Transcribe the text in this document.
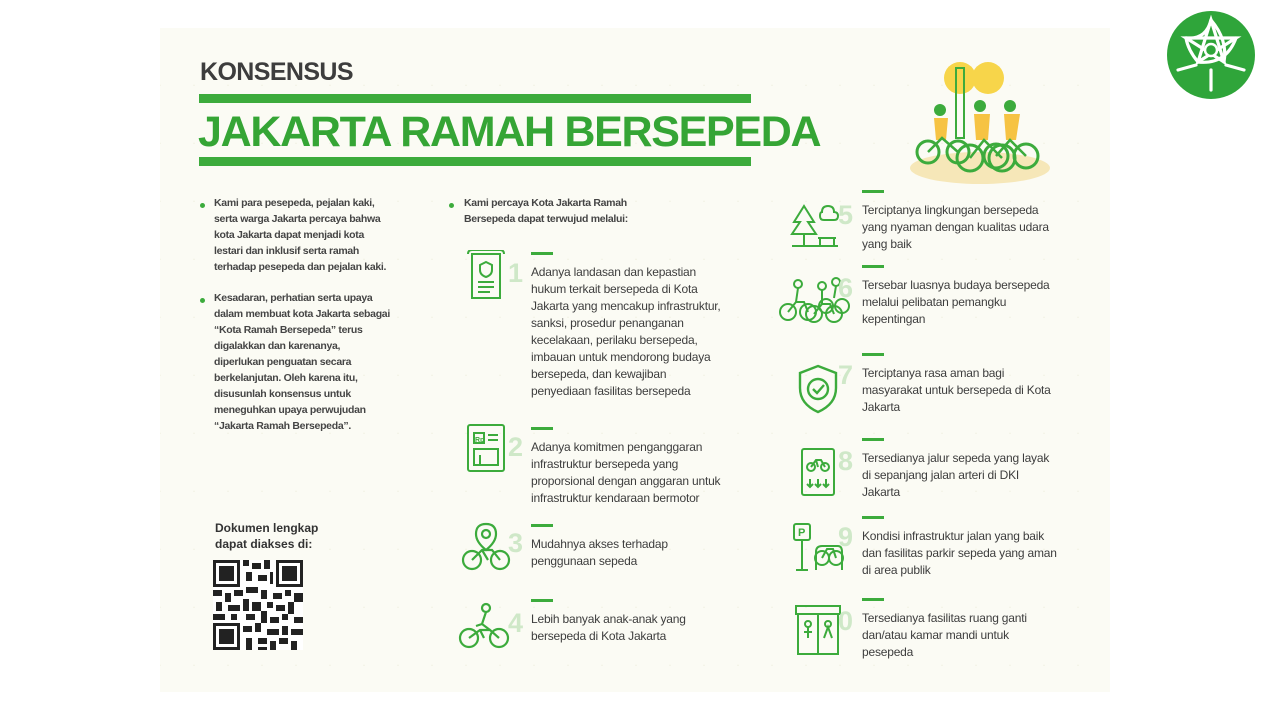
KONSENSUS
JAKARTA RAMAH BERSEPEDA
Kami para pesepeda, pejalan kaki,
serta warga Jakarta percaya bahwa
kota Jakarta dapat menjadi kota
lestari dan inklusif serta ramah
terhadap pesepeda dan pejalan kaki.
Kesadaran, perhatian serta upaya
dalam membuat kota Jakarta sebagai
“Kota Ramah Bersepeda” terus
digalakkan dan karenanya,
diperlukan penguatan secara
berkelanjutan. Oleh karena itu,
disusunlah konsensus untuk
meneguhkan upaya perwujudan
“Jakarta Ramah Bersepeda”.
Kami percaya Kota Jakarta Ramah
Bersepeda dapat terwujud melalui:
Dokumen lengkap
dapat diakses di:
1 Adanya landasan dan kepastian
hukum terkait bersepeda di Kota
Jakarta yang mencakup infrastruktur,
sanksi, prosedur penanganan
kecelakaan, perilaku bersepeda,
imbauan untuk mendorong budaya
bersepeda, dan kewajiban
penyediaan fasilitas bersepeda
Rp 2 Adanya komitmen penganggaran
infrastruktur bersepeda yang
proporsional dengan anggaran untuk
infrastruktur kendaraan bermotor
3 Mudahnya akses terhadap
penggunaan sepeda
4 Lebih banyak anak-anak yang
bersepeda di Kota Jakarta
5 Terciptanya lingkungan bersepeda
yang nyaman dengan kualitas udara
yang baik
6 Tersebar luasnya budaya bersepeda
melalui pelibatan pemangku
kepentingan
7 Terciptanya rasa aman bagi
masyarakat untuk bersepeda di Kota
Jakarta
8 Tersedianya jalur sepeda yang layak
di sepanjang jalan arteri di DKI
Jakarta
P 9 Kondisi infrastruktur jalan yang baik
dan fasilitas parkir sepeda yang aman
di area publik
0 Tersedianya fasilitas ruang ganti
dan/atau kamar mandi untuk
pesepeda
